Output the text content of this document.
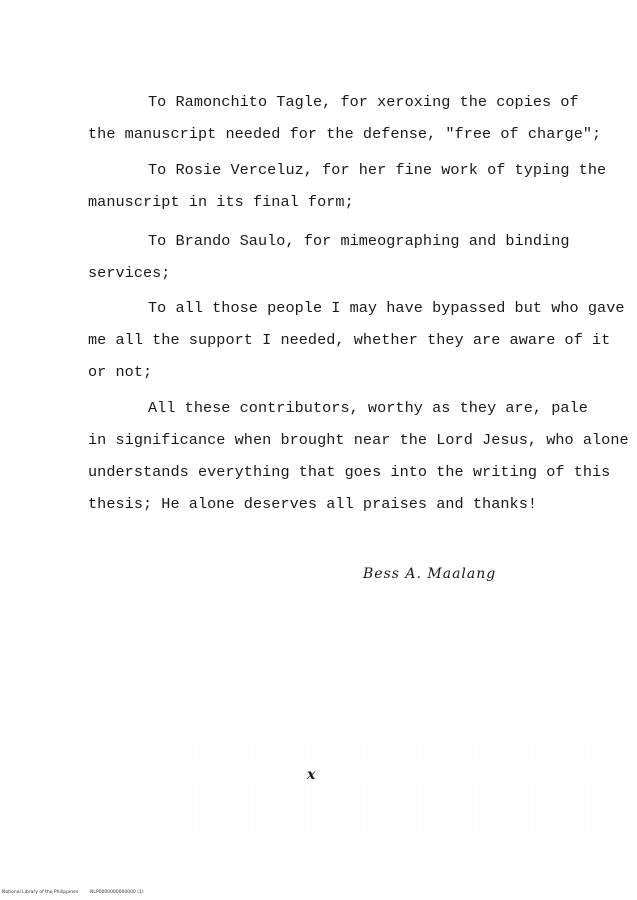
To Ramonchito Tagle, for xeroxing the copies of
the manuscript needed for the defense, "free of charge";

To Rosie Verceluz, for her fine work of typing the
manuscript in its final form;

To Brando Saulo, for mimeographing and binding
services;

To all those people I may have bypassed but who gave
me all the support I needed, whether they are aware of it
or not;

All these contributors, worthy as they are, pale
in significance when brought near the Lord Jesus, who alone
understands everything that goes into the writing of this
thesis; He alone deserves all praises and thanks!

Bess A. Maalang
x
National Library of the Philippines	NLP0000000000000 (1)
